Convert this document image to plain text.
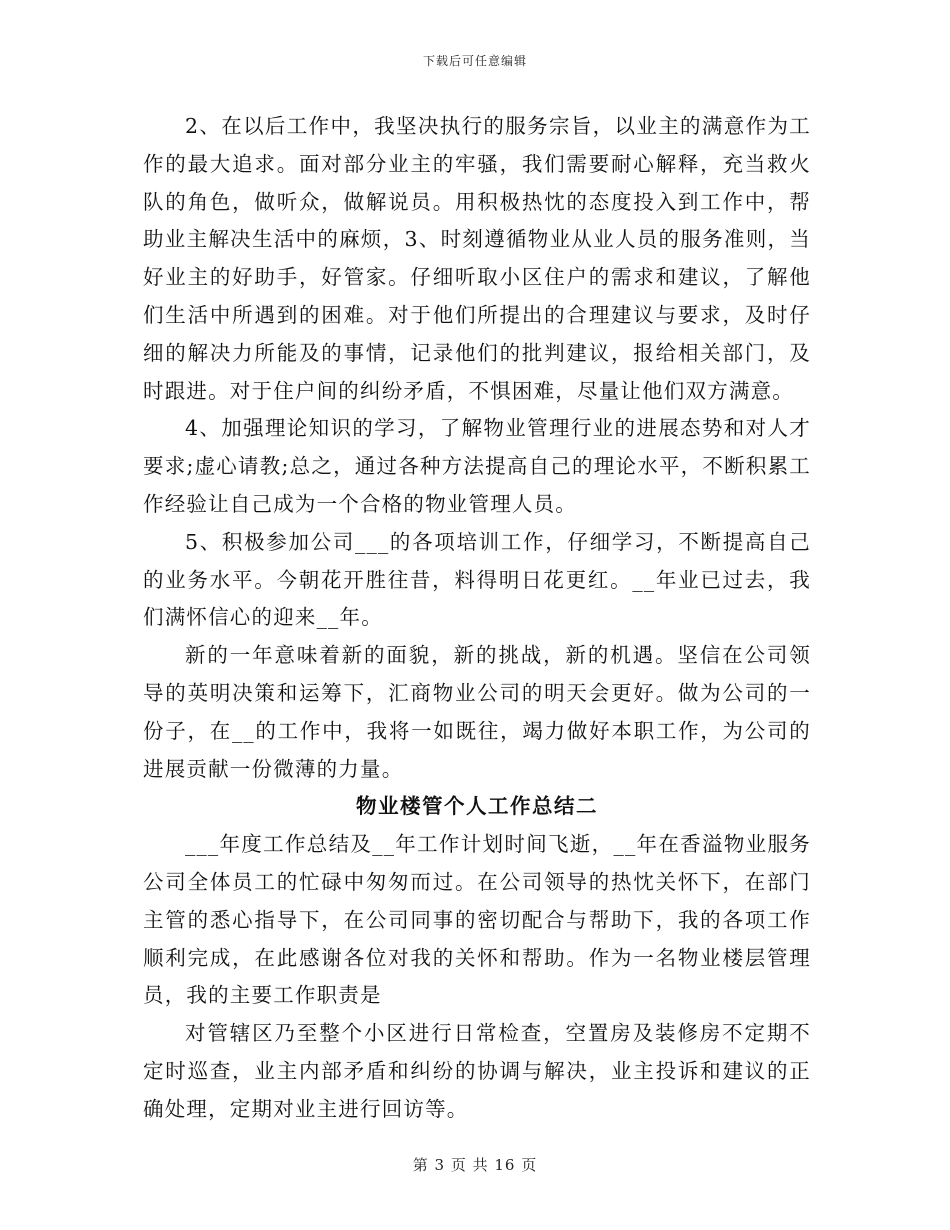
下载后可任意编辑

2、在以后工作中，我坚决执行的服务宗旨，以业主的满意作为工作的最大追求。面对部分业主的牢骚，我们需要耐心解释，充当救火队的角色，做听众，做解说员。用积极热忱的态度投入到工作中，帮助业主解决生活中的麻烦，3、时刻遵循物业从业人员的服务准则，当好业主的好助手，好管家。仔细听取小区住户的需求和建议，了解他们生活中所遇到的困难。对于他们所提出的合理建议与要求，及时仔细的解决力所能及的事情，记录他们的批判建议，报给相关部门，及时跟进。对于住户间的纠纷矛盾，不惧困难，尽量让他们双方满意。

4、加强理论知识的学习，了解物业管理行业的进展态势和对人才要求;虚心请教;总之，通过各种方法提高自己的理论水平，不断积累工作经验让自己成为一个合格的物业管理人员。

5、积极参加公司___的各项培训工作，仔细学习，不断提高自己的业务水平。今朝花开胜往昔，料得明日花更红。__年业已过去，我们满怀信心的迎来__年。

新的一年意味着新的面貌，新的挑战，新的机遇。坚信在公司领导的英明决策和运筹下，汇商物业公司的明天会更好。做为公司的一份子，在__的工作中，我将一如既往，竭力做好本职工作，为公司的进展贡献一份微薄的力量。

物业楼管个人工作总结二

___年度工作总结及__年工作计划时间飞逝，__年在香溢物业服务公司全体员工的忙碌中匆匆而过。在公司领导的热忱关怀下，在部门主管的悉心指导下，在公司同事的密切配合与帮助下，我的各项工作顺利完成，在此感谢各位对我的关怀和帮助。作为一名物业楼层管理员，我的主要工作职责是

对管辖区乃至整个小区进行日常检查，空置房及装修房不定期不定时巡查，业主内部矛盾和纠纷的协调与解决，业主投诉和建议的正确处理，定期对业主进行回访等。

第 3 页 共 16 页
